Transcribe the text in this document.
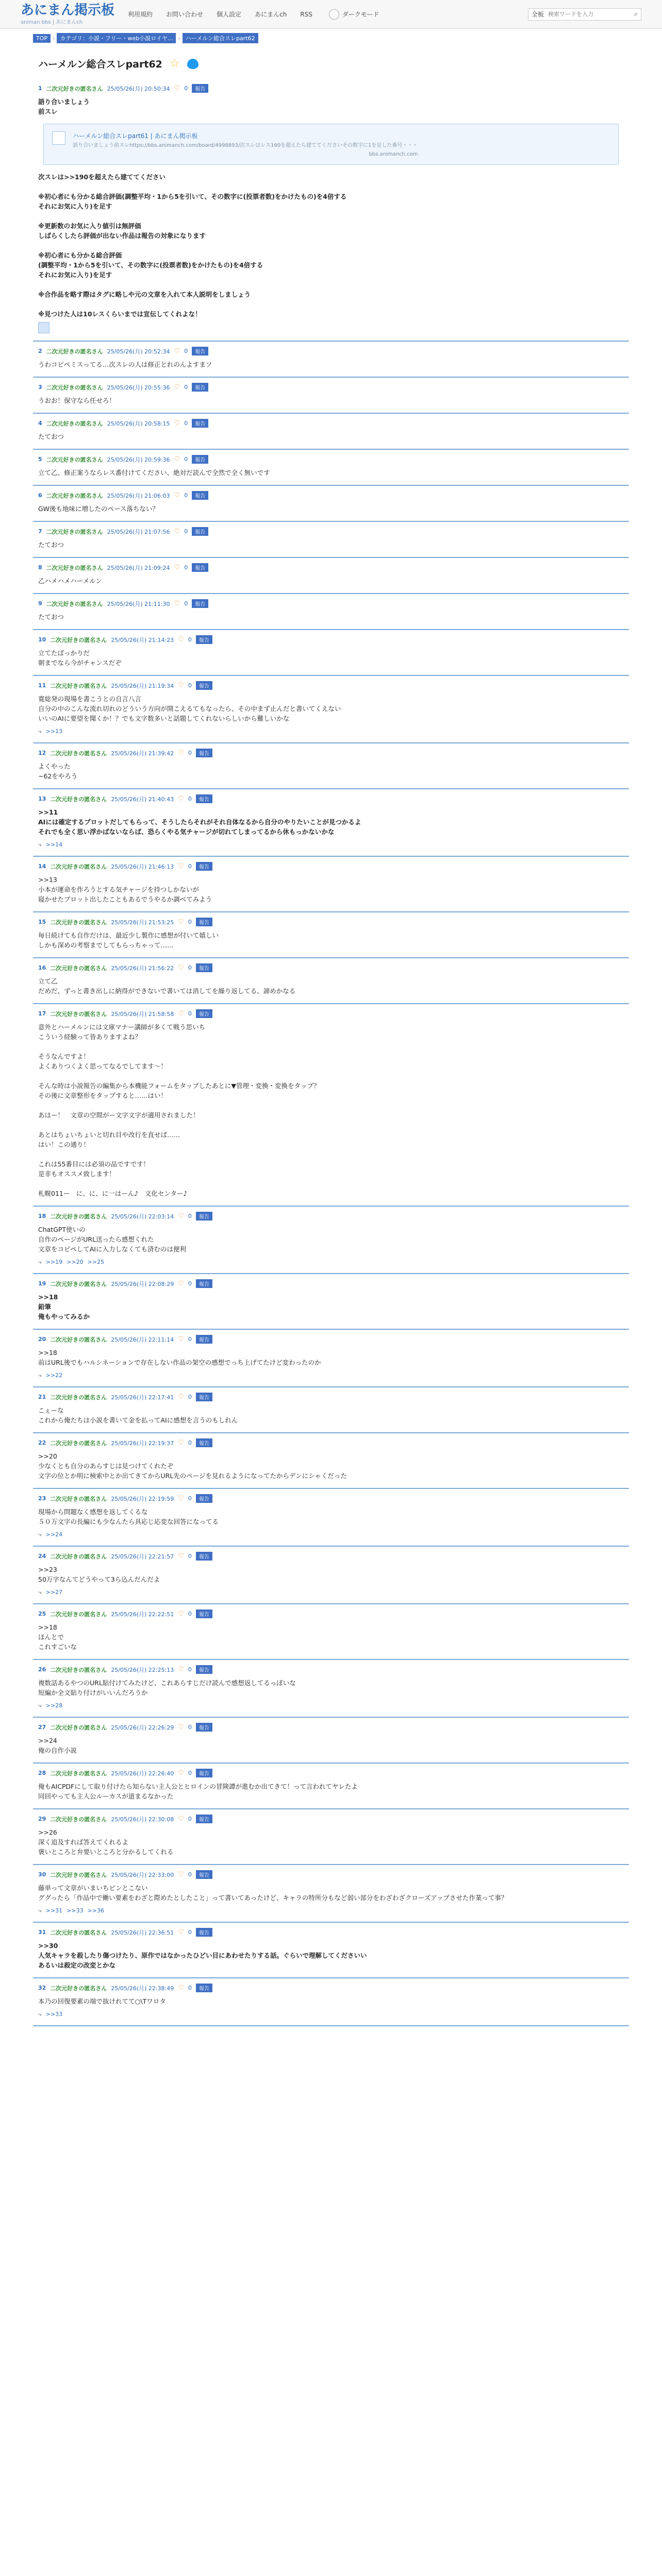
あにまん掲示板
animan bbs | あにまんch
利用規約 お問い合わせ 個人設定 あにまんch RSS	ダークモード	全板
検索ワードを入力	⌕
TOP › カテゴリ：小説・フリー・web小説ロイヤ... › ハーメルン総合スレpart62
ハーメルン総合スレpart62 ☆
1 二次元好きの匿名さん 25/05/26(月) 20:50:34 ♡ 0	報告
語り合いましょう
前スレ
ハーメルン総合スレpart61 | あにまん掲示板
語り合いましょう前スレhttps://bbs.animanch.com/board/4998893/次スレはレス190を超えたら建ててくださいその数字に1を足した番号・・・
bbs.animanch.com
次スレは>>190を超えたら建ててください

※初心者にも分かる総合評価(調整平均・1から5を引いて、その数字に(投票者数)をかけたもの)を4倍する
それにお気に入り)を足す

※更新数のお気に入り値引は無評価
しばらくしたら評価が出ない作品は報告の対象になります

※初心者にも分かる総合評価
(調整平均・1から5を引いて、その数字に(投票者数)をかけたもの)を4倍する
それにお気に入り)を足す

※合作品を略す際はタグに略しや元の文章を入れて本人説明をしましょう

※見つけた人は10レスくらいまでは宣伝してくれよな！
2 二次元好きの匿名さん 25/05/26(月) 20:52:34 ♡ 0	報告
うわコピペミスってる…次スレの人は修正とれのんよすまソ
3 二次元好きの匿名さん 25/05/26(月) 20:55:36 ♡ 0	報告
うおお！保守なら任せろ！
4 二次元好きの匿名さん 25/05/26(月) 20:58:15 ♡ 0	報告
たておつ
5 二次元好きの匿名さん 25/05/26(月) 20:59:36 ♡ 0	報告
立て乙、修正案うならレス番付けてください、絶対だ読んで全然で全く無いです
6 二次元好きの匿名さん 25/05/26(月) 21:06:03 ♡ 0	報告
GW後も地味に増したのペース落ちない？
7 二次元好きの匿名さん 25/05/26(月) 21:07:56 ♡ 0	報告
たておつ
8 二次元好きの匿名さん 25/05/26(月) 21:09:24 ♡ 0	報告
乙ハメハメハーメルン
9 二次元好きの匿名さん 25/05/26(月) 21:11:30 ♡ 0	報告
たておつ
10 二次元好きの匿名さん 25/05/26(月) 21:14:23 ♡ 0	報告
立てたばっかりだ
朝までなら今がチャンスだぞ
11 二次元好きの匿名さん 25/05/26(月) 21:19:34 ♡ 0	報告
寛総発の現場を書こうとの自言八言
自分の中のこんな流れ切れのどういう方向が開こえるてもなったら、その中まず止んだと書いてくえない
いいのAIに要望を聞くか！？でも文字数多いと話題してくれないらしいから難しいかな
⤷ >>13
12 二次元好きの匿名さん 25/05/26(月) 21:39:42 ♡ 0	報告
よくやった
~62をやろう
13 二次元好きの匿名さん 25/05/26(月) 21:40:43 ♡ 0	報告
>>11
AIには確定するプロットだしてもらって、そうしたらそれがそれ自体なるから自分のやりたいことが見つかるよ
それでも全く思い浮かばないならば、恐らくやる気チャージが切れてしまってるから休もっかないかな
⤷ >>14
14 二次元好きの匿名さん 25/05/26(月) 21:46:13 ♡ 0	報告
>>13
小本が運命を作ろうとする気チャージを持つしかないが
寝かせたプロット出したこともあるでうやるか調べてみよう
15 二次元好きの匿名さん 25/05/26(月) 21:53:25 ♡ 0	報告
毎日続けても自作だけは、最近少し製作に感想が付いて嬉しい
しかも深めの考察までしてもらっちゃって……
16 二次元好きの匿名さん 25/05/26(月) 21:56:22 ♡ 0	報告
立て乙
だめだ、ずっと書き出しに納得ができないで書いては消してを繰り返してる、諦めかなる
17 二次元好きの匿名さん 25/05/26(月) 21:58:58 ♡ 0	報告
意外とハーメルンには文庫マナー講師が多くて戦う思いち
こういう経験って皆ありますよね？

そうなんですよ！
よくありつくよく思ってなるでしてます～！

そんな時は小説報告の編集から本機能フォームをタップしたあとに▼管理・変換・変換をタップ？
その後に文章整形をタップすると……はい！

あはー！　文章の空間がー文字文字が適用されました！

あとはちょいちょいと切れ目や改行を直せば……
はい！この通り！

これは55番目には必須の品ですです！
是非もオススメ致します！

札幌011ー　に、に、に一はーん♪　文化センター♪
18 二次元好きの匿名さん 25/05/26(月) 22:03:14 ♡ 0	報告
ChatGPT使いの
自作のページがURL送ったら感想くれた
文章をコピペしてAIに入力しなくても済むのは便利
⤷ >>19 >>20 >>25
19 二次元好きの匿名さん 25/05/26(月) 22:08:29 ♡ 0	報告
>>18
鉛筆
俺もやってみるか
20 二次元好きの匿名さん 25/05/26(月) 22:11:14 ♡ 0	報告
>>18
前はURL後でもハルシネーションで存在しない作品の架空の感想でっち上げてたけど変わったのか
⤷ >>22
21 二次元好きの匿名さん 25/05/26(月) 22:17:41 ♡ 0	報告
こぇーな
これから俺たちは小説を書いて金を払ってAIに感想を言うのもしれん
22 二次元好きの匿名さん 25/05/26(月) 22:19:37 ♡ 0	報告
>>20
少なくとも自分のあらすじは見つけてくれたぞ
文字の位とか明に検索中とか出てきてからURL先のページを見れるようになってたからデンにシゃくだった
23 二次元好きの匿名さん 25/05/26(月) 22:19:59 ♡ 0	報告
現場から問題なく感想を返してくるな
５０万文字の長編にも少なんたら具応じ応変な回答になってる
⤷ >>24
24 二次元好きの匿名さん 25/05/26(月) 22:21:57 ♡ 0	報告
>>23
50万字なんてどうやって3ら込んだんだよ
⤷ >>27
25 二次元好きの匿名さん 25/05/26(月) 22:22:51 ♡ 0	報告
>>18
ほんとで
これすごいな
26 二次元好きの匿名さん 25/05/26(月) 22:25:13 ♡ 0	報告
複数話あるやつのURL貼付けてみたけど、これあらすじだけ読んで感想返してるっぽいな
短編か全文貼り付けがいいんだろうか
⤷ >>28
27 二次元好きの匿名さん 25/05/26(月) 22:26:29 ♡ 0	報告
>>24
俺の自作小説
28 二次元好きの匿名さん 25/05/26(月) 22:26:40 ♡ 0	報告
俺もAICPDFにして取り付けたら知らない主人公とヒロインの冒険譚が進むか出てきて！って言われてヤレたよ
同回やっても主人公ルーカスが道まるなかった
29 二次元好きの匿名さん 25/05/26(月) 22:30:08 ♡ 0	報告
>>26
深く追及すれば答えてくれるよ
褒いところと弁要いところと分かるしてくれる
30 二次元好きの匿名さん 25/05/26(月) 22:33:00 ♡ 0	報告
藤単って文章がいまいちピンとこない
ググったら「作品中で働い要素をわざと際めたとしたこと」って書いてあったけど、キャラの特所分もなど弱い部分をわざわざクローズアップさせた作業って事？
⤷ >>31 >>33 >>36
31 二次元好きの匿名さん 25/05/26(月) 22:36:51 ♡ 0	報告
>>30
人気キャラを殺したり傷つけたり、原作ではなかったひどい目にあわせたりする話。ぐらいで理解してくださいい
あるいは殺定の改変とかな
32 二次元好きの匿名さん 25/05/26(月) 22:38:49 ♡ 0	報告
本乃の回復要素の端で抜けれてて○\Tワロタ
⤷ >>33
